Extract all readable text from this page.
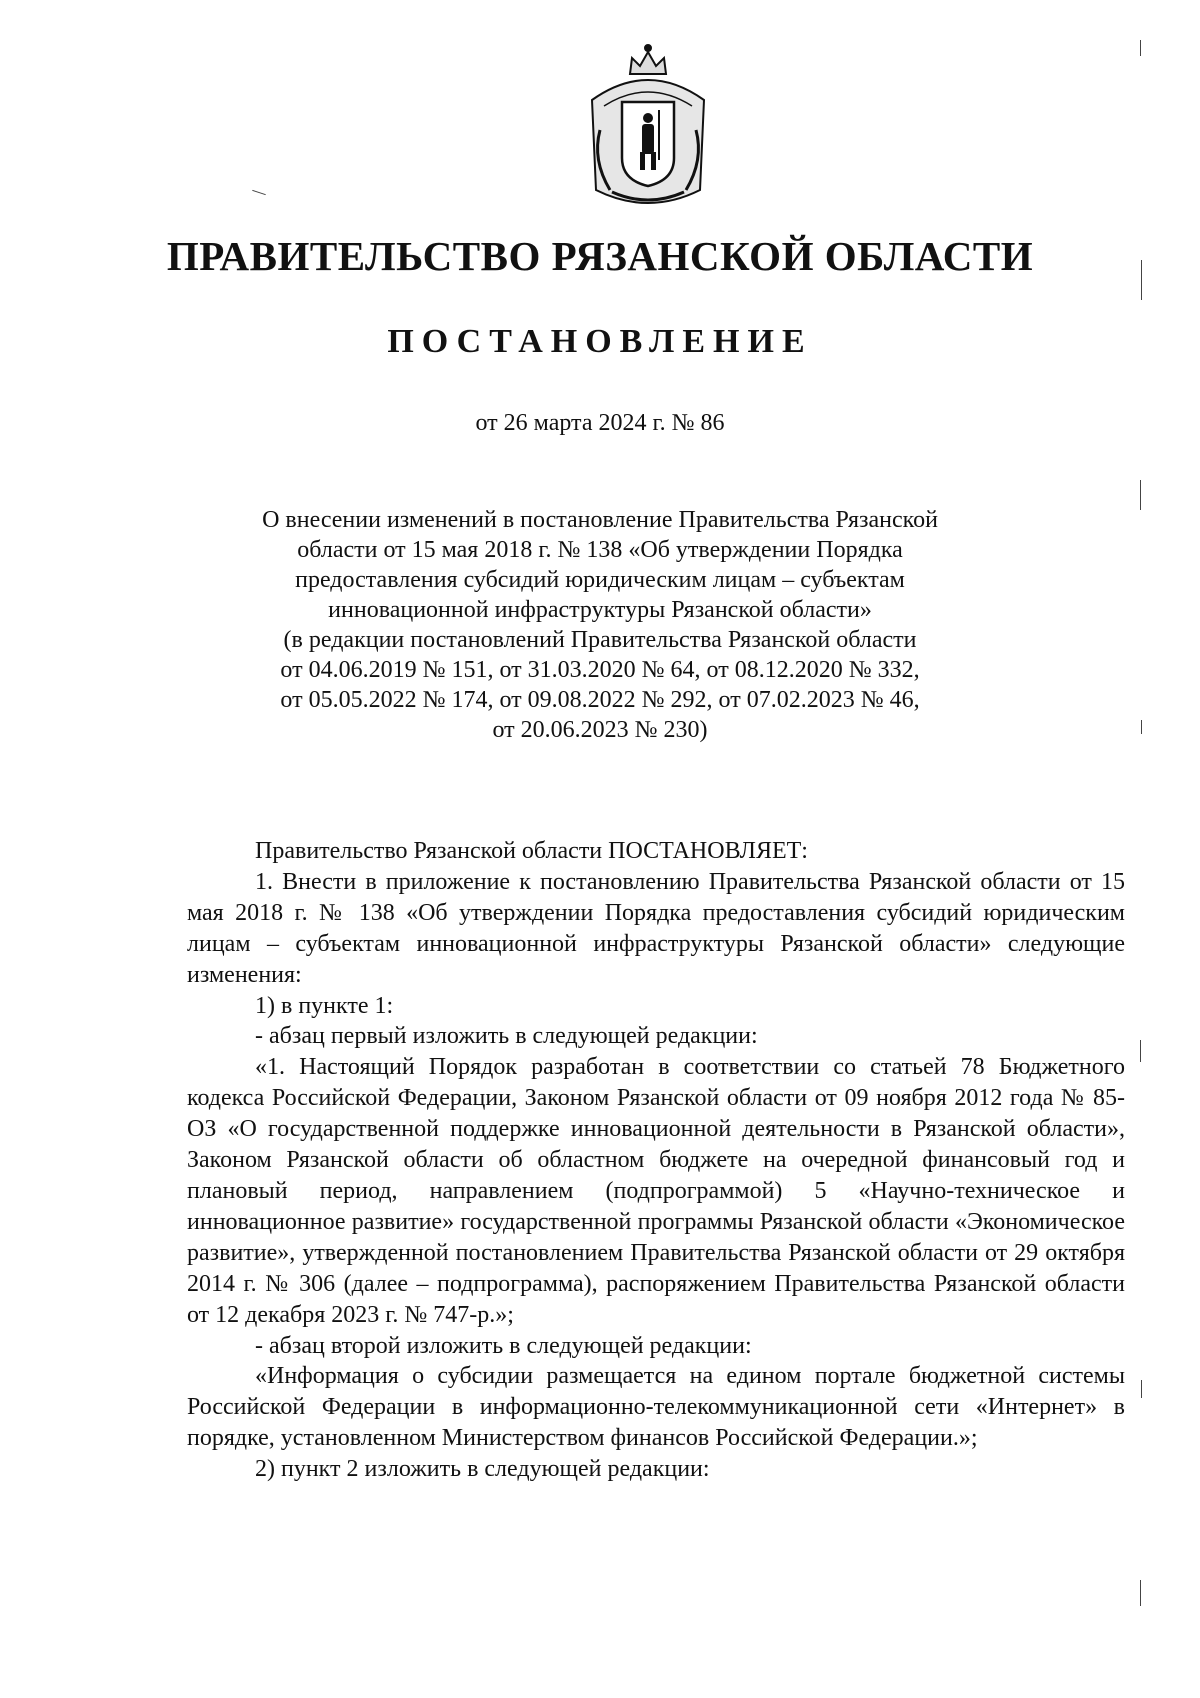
ПРАВИТЕЛЬСТВО РЯЗАНСКОЙ ОБЛАСТИ
ПОСТАНОВЛЕНИЕ

от 26 марта 2024 г. № 86

О внесении изменений в постановление Правительства Рязанской
области от 15 мая 2018 г. № 138 «Об утверждении Порядка
предоставления субсидий юридическим лицам – субъектам
инновационной инфраструктуры Рязанской области»
(в редакции постановлений Правительства Рязанской области
от 04.06.2019 № 151, от 31.03.2020 № 64, от 08.12.2020 № 332,
от 05.05.2022 № 174, от 09.08.2022 № 292, от 07.02.2023 № 46,
от 20.06.2023 № 230)

Правительство Рязанской области ПОСТАНОВЛЯЕТ:

1. Внести в приложение к постановлению Правительства Рязанской области от 15 мая 2018 г. № 138 «Об утверждении Порядка предоставления субсидий юридическим лицам – субъектам инновационной инфраструктуры Рязанской области» следующие изменения:

1) в пункте 1:

- абзац первый изложить в следующей редакции:

«1. Настоящий Порядок разработан в соответствии со статьей 78 Бюджетного кодекса Российской Федерации, Законом Рязанской области от 09 ноября 2012 года № 85-ОЗ «О государственной поддержке инновационной деятельности в Рязанской области», Законом Рязанской области об областном бюджете на очередной финансовый год и плановый период, направлением (подпрограммой) 5 «Научно-техническое и инновационное развитие» государственной программы Рязанской области «Экономическое развитие», утвержденной постановлением Правительства Рязанской области от 29 октября 2014 г. № 306 (далее – подпрограмма), распоряжением Правительства Рязанской области от 12 декабря 2023 г. № 747-р.»;

- абзац второй изложить в следующей редакции:

«Информация о субсидии размещается на едином портале бюджетной системы Российской Федерации в информационно-телекоммуникационной сети «Интернет» в порядке, установленном Министерством финансов Российской Федерации.»;

2) пункт 2 изложить в следующей редакции:
